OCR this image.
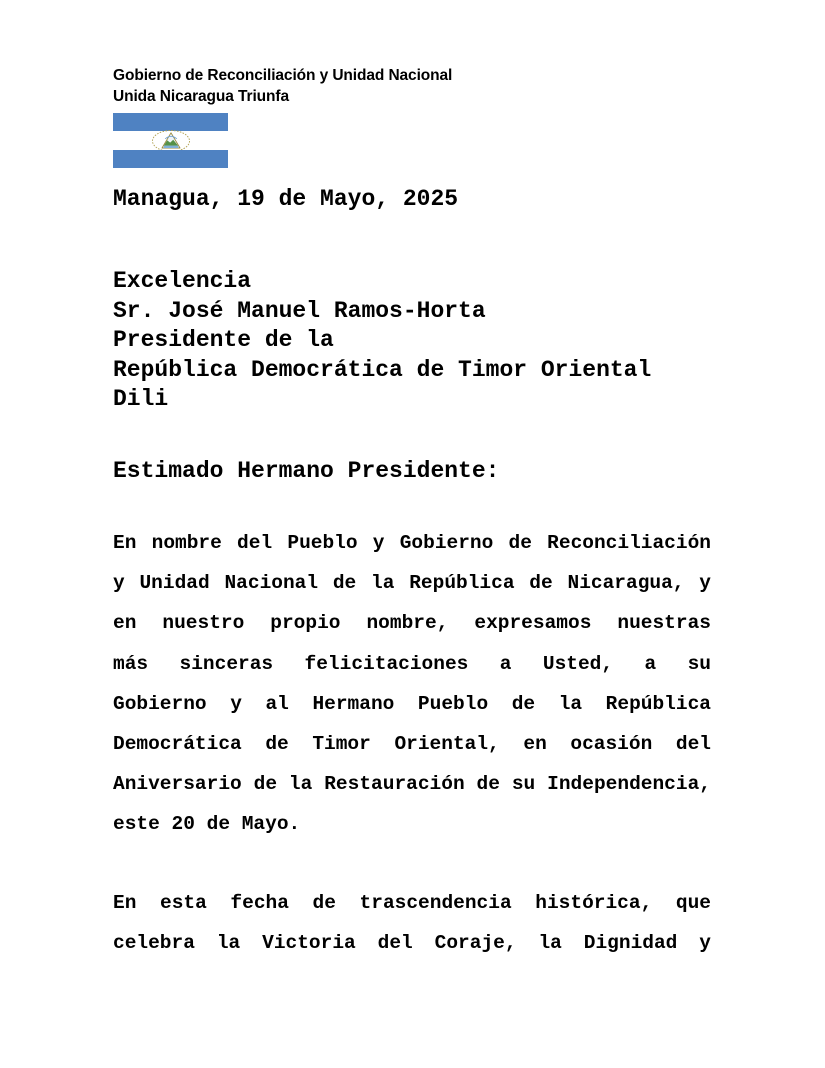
Gobierno de Reconciliación y Unidad Nacional
Unida Nicaragua Triunfa
Managua, 19 de Mayo, 2025
Excelencia
Sr. José Manuel Ramos-Horta
Presidente de la
República Democrática de Timor Oriental
Dili
Estimado Hermano Presidente:
En nombre del Pueblo y Gobierno de Reconciliación
y Unidad Nacional de la República de Nicaragua, y
en nuestro propio nombre, expresamos nuestras
más sinceras felicitaciones a Usted, a su
Gobierno y al Hermano Pueblo de la República
Democrática de Timor Oriental, en ocasión del
Aniversario de la Restauración de su Independencia,
este 20 de Mayo.
En esta fecha de trascendencia histórica, que
celebra la Victoria del Coraje, la Dignidad y
